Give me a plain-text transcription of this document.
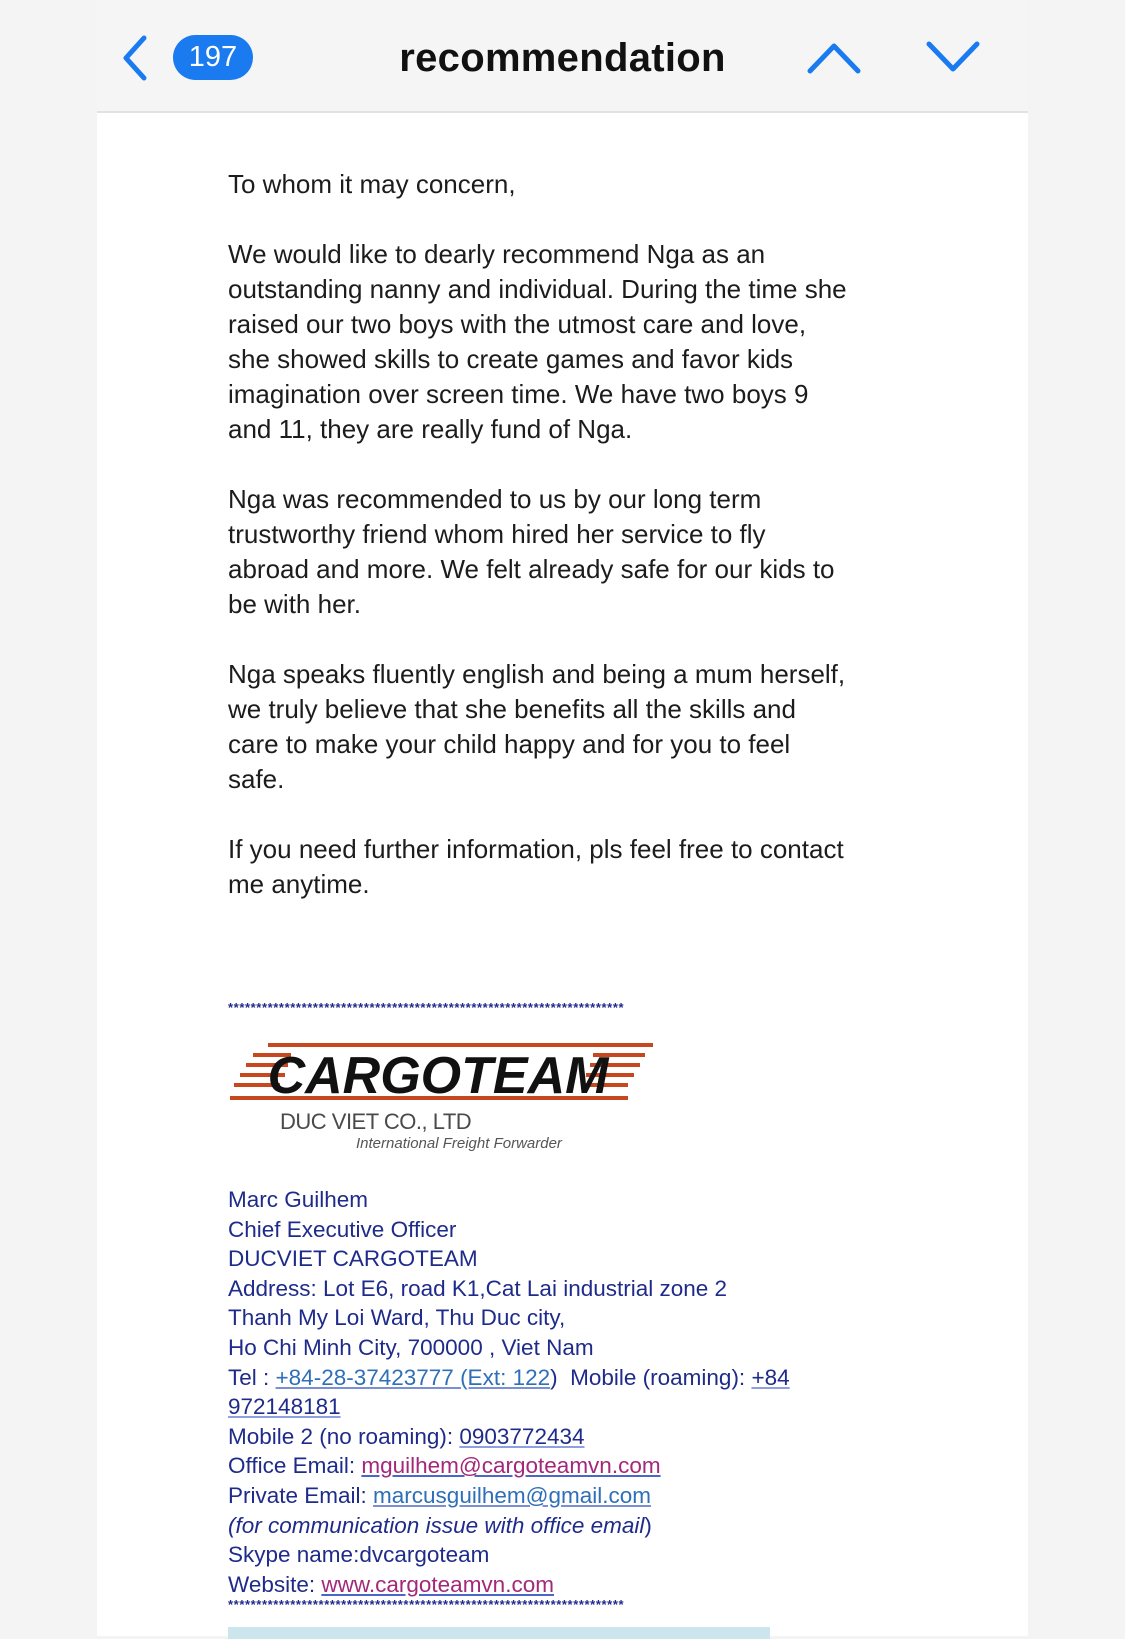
197	recommendation

To whom it may concern,

We would like to dearly recommend Nga as an outstanding nanny and individual. During the time she raised our two boys with the utmost care and love, she showed skills to create games and favor kids imagination over screen time. We have two boys 9 and 11, they are really fund of Nga.

Nga was recommended to us by our long term trustworthy friend whom hired her service to fly abroad and more. We felt already safe for our kids to be with her.

Nga speaks fluently english and being a mum herself, we truly believe that she benefits all the skills and care to make your child happy and for you to feel safe.

If you need further information, pls feel free to contact me anytime.

**********************************************************************
CARGOTEAM
DUC VIET CO., LTD
International Freight Forwarder
Marc Guilhem
Chief Executive Officer
DUCVIET CARGOTEAM
Address: Lot E6, road K1,Cat Lai industrial zone 2
Thanh My Loi Ward, Thu Duc city,
Ho Chi Minh City, 700000 , Viet Nam
Tel : +84-28-37423777 (Ext: 122)  Mobile (roaming): +84 972148181
Mobile 2 (no roaming): 0903772434
Office Email: mguilhem@cargoteamvn.com
Private Email: marcusguilhem@gmail.com
(for communication issue with office email)
Skype name:dvcargoteam
Website: www.cargoteamvn.com
**********************************************************************
